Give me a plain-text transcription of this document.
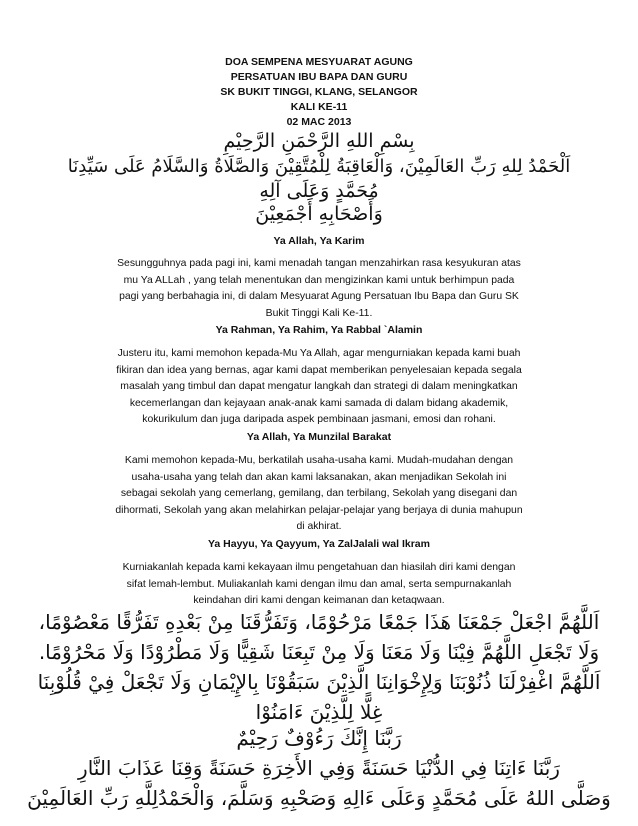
DOA SEMPENA MESYUARAT AGUNG
PERSATUAN IBU BAPA DAN GURU
SK BUKIT TINGGI, KLANG, SELANGOR
KALI KE-11
02 MAC 2013
بِسْمِ اللهِ الرَّحْمَنِ الرَّحِيْمِ
اَلْحَمْدُ لِلهِ رَبِّ العَالَمِيْنَ، وَالْعَاقِبَةُ لِلْمُتَّقِيْنَ وَالصَّلَاةُ وَالسَّلَامُ عَلَى سَيِّدِنَا
مُحَمَّدٍ وَعَلَى آلِهِ
وَأَصْحَابِهِ أَجْمَعِيْنَ
Ya Allah, Ya Karim
Sesungguhnya pada pagi ini, kami menadah tangan menzahirkan rasa kesyukuran atas
mu Ya ALLah , yang telah menentukan dan mengizinkan kami untuk berhimpun pada
pagi yang berbahagia ini, di dalam Mesyuarat Agung Persatuan Ibu Bapa dan Guru SK
Bukit Tinggi Kali Ke-11.
Ya Rahman, Ya Rahim, Ya Rabbal `Alamin
Justeru itu, kami memohon kepada-Mu Ya Allah, agar mengurniakan kepada kami buah
fikiran dan idea yang bernas, agar kami dapat memberikan penyelesaian kepada segala
masalah yang timbul dan dapat mengatur langkah dan strategi di dalam meningkatkan
kecemerlangan dan kejayaan anak-anak kami samada di dalam bidang akademik,
kokurikulum dan juga daripada aspek pembinaan jasmani, emosi dan rohani.
Ya Allah, Ya Munzilal Barakat
Kami memohon kepada-Mu, berkatilah usaha-usaha kami. Mudah-mudahan dengan
usaha-usaha yang telah dan akan kami laksanakan, akan menjadikan Sekolah ini
sebagai sekolah yang cemerlang, gemilang, dan terbilang, Sekolah yang disegani dan
dihormati, Sekolah yang akan melahirkan pelajar-pelajar yang berjaya di dunia mahupun
di akhirat.
Ya Hayyu, Ya Qayyum, Ya ZalJalali wal Ikram
Kurniakanlah kepada kami kekayaan ilmu pengetahuan dan hiasilah diri kami dengan
sifat lemah-lembut. Muliakanlah kami dengan ilmu dan amal, serta sempurnakanlah
keindahan diri kami dengan keimanan dan ketaqwaan.
اَللَّهُمَّ اجْعَلْ جَمْعَنَا هَذَا جَمْعًا مَرْحُوْمًا، وَتَفَرُّقَنَا مِنْ بَعْدِهِ تَفَرُّقًا مَعْصُوْمًا،
وَلَا تَجْعَلِ اللَّهُمَّ فِيْنَا وَلَا مَعَنَا وَلَا مِنْ تَبِعَنَا شَقِيًّا وَلَا مَطْرُوْدًا وَلَا مَحْرُوْمًا.
اَللَّهُمَّ اغْفِرْلَنَا ذُنُوْبَنَا وَلِإِخْوَانِنَا الَّذِيْنَ سَبَقُوْنَا بِالإِيْمَانِ وَلَا تَجْعَلْ فِيْ قُلُوْبِنَا
غِلًّا لِلَّذِيْنَ ءَامَنُوْا
رَبَّنَا إِنَّكَ رَءُوْفٌ رَحِيْمٌ
رَبَّنَا ءَاتِنَا فِي الدُّنْيَا حَسَنَةً وَفِي الأَخِرَةِ حَسَنَةً وَقِنَا عَذَابَ النَّارِ
وَصَلَّى اللهُ عَلَى مُحَمَّدٍ وَعَلَى ءَالِهِ وَصَحْبِهِ وَسَلَّمَ، وَالْحَمْدُلِلَّهِ رَبِّ العَالَمِيْنَ
